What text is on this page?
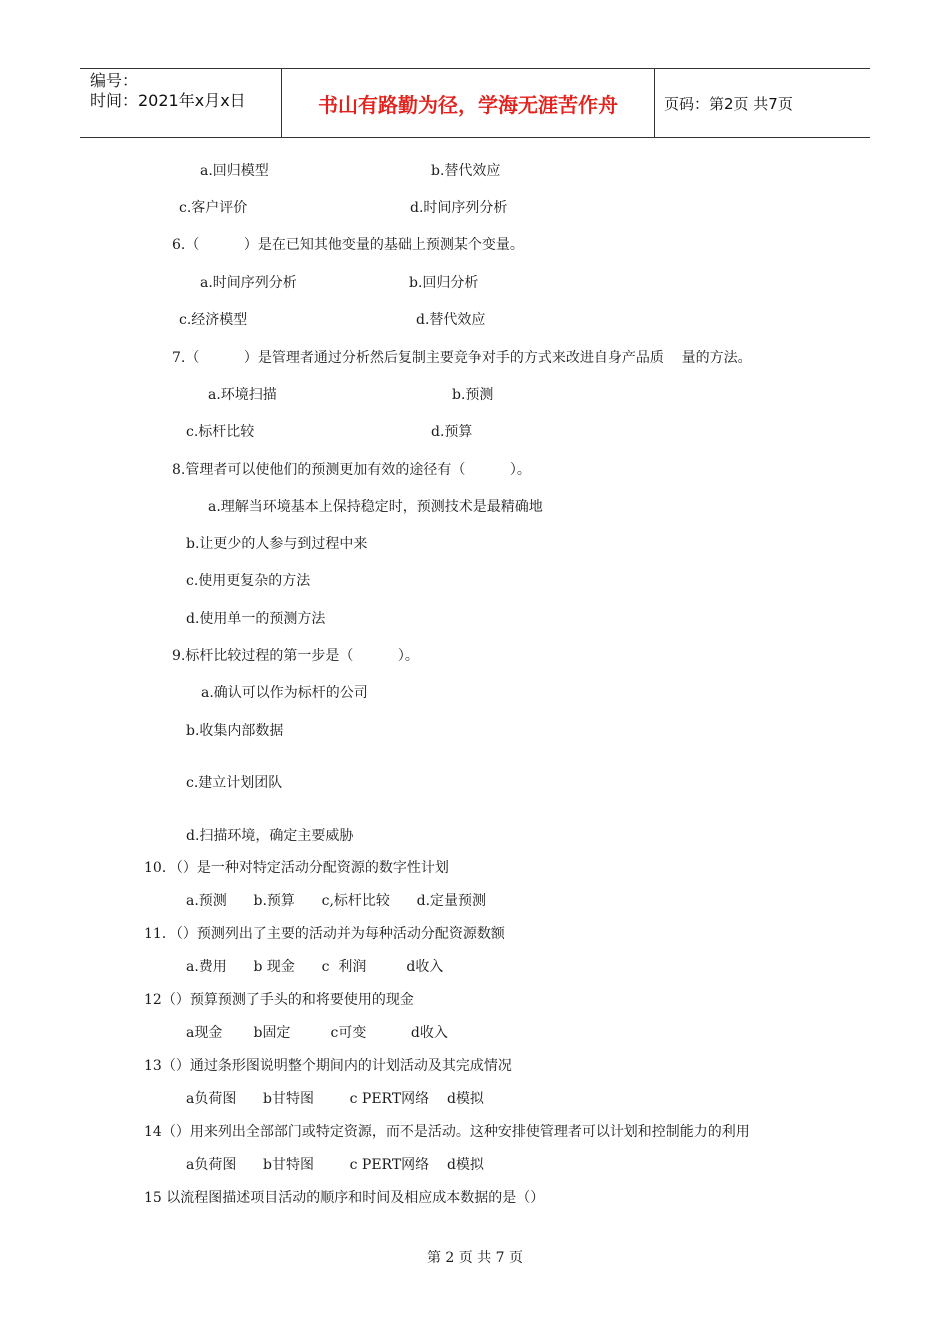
编号：
时间：2021年x月x日	书山有路勤为径，学海无涯苦作舟	页码：第2页 共7页
a.回归模型	b.替代效应
c.客户评价	d.时间序列分析
6.（          ）是在已知其他变量的基础上预测某个变量。
a.时间序列分析	b.回归分析
c.经济模型	d.替代效应
7.（          ）是管理者通过分析然后复制主要竞争对手的方式来改进自身产品质    量的方法。
a.环境扫描	b.预测
c.标杆比较	d.预算
8.管理者可以使他们的预测更加有效的途径有（          ）。
a.理解当环境基本上保持稳定时，预测技术是最精确地
b.让更少的人参与到过程中来
c.使用更复杂的方法
d.使用单一的预测方法
9.标杆比较过程的第一步是（          ）。
a.确认可以作为标杆的公司
b.收集内部数据
c.建立计划团队
d.扫描环境，确定主要威胁
10．（）是一种对特定活动分配资源的数字性计划
a.预测      b.预算      c,标杆比较      d.定量预测
11．（）预测列出了主要的活动并为每种活动分配资源数额
a.费用      b 现金      c  利润         d收入
12（）预算预测了手头的和将要使用的现金
a现金       b固定         c可变          d收入
13（）通过条形图说明整个期间内的计划活动及其完成情况
a负荷图      b甘特图        c PERT网络    d模拟
14（）用来列出全部部门或特定资源，而不是活动。这种安排使管理者可以计划和控制能力的利用
a负荷图      b甘特图        c PERT网络    d模拟
15 以流程图描述项目活动的顺序和时间及相应成本数据的是（）
第 2 页 共 7 页
